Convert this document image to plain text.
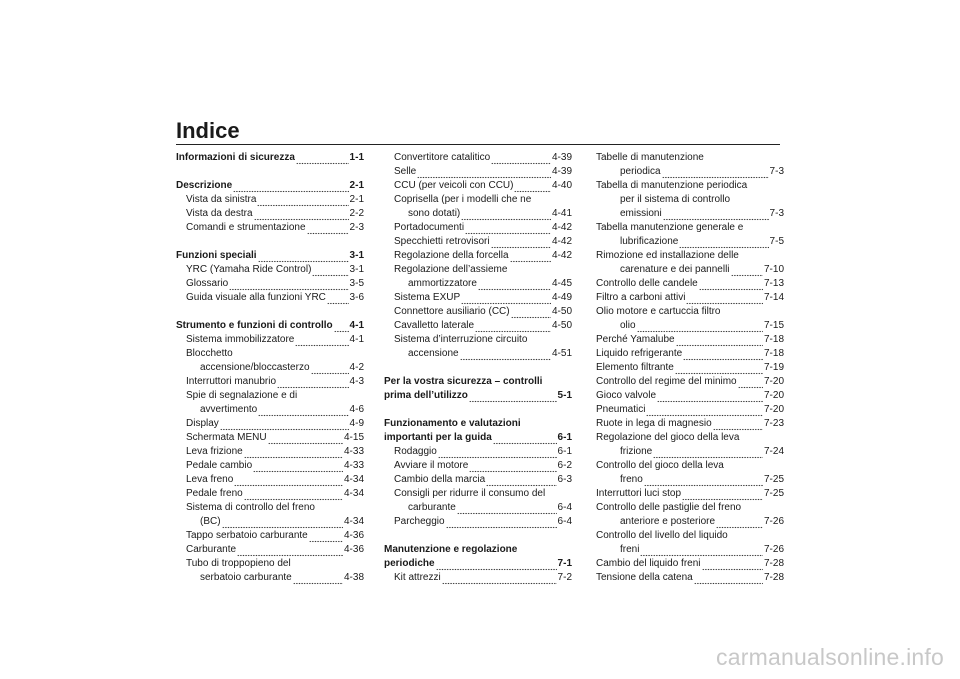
Indice
Informazioni di sicurezza	1-1
Descrizione	2-1
Vista da sinistra	2-1
Vista da destra	2-2
Comandi e strumentazione	2-3
Funzioni speciali	3-1
YRC (Yamaha Ride Control)	3-1
Glossario	3-5
Guida visuale alla funzioni YRC 3-6
Strumento e funzioni di controllo 4-1
Sistema immobilizzatore	4-1
Blocchetto
accensione/bloccasterzo	4-2
Interruttori manubrio	4-3
Spie di segnalazione e di
avvertimento	4-6
Display	4-9
Schermata MENU	4-15
Leva frizione	4-33
Pedale cambio	4-33
Leva freno	4-34
Pedale freno	4-34
Sistema di controllo del freno
(BC)	4-34
Tappo serbatoio carburante	4-36
Carburante	4-36
Tubo di troppopieno del
serbatoio carburante	4-38
Convertitore catalitico	4-39
Selle	4-39
CCU (per veicoli con CCU)	4-40
Coprisella (per i modelli che ne
sono dotati)	4-41
Portadocumenti	4-42
Specchietti retrovisori	4-42
Regolazione della forcella	4-42
Regolazione dell’assieme
ammortizzatore	4-45
Sistema EXUP	4-49
Connettore ausiliario (CC)	4-50
Cavalletto laterale	4-50
Sistema d’interruzione circuito
accensione	4-51
Per la vostra sicurezza – controlli
prima dell’utilizzo	5-1
Funzionamento e valutazioni
importanti per la guida	6-1
Rodaggio	6-1
Avviare il motore	6-2
Cambio della marcia	6-3
Consigli per ridurre il consumo del
carburante	6-4
Parcheggio	6-4
Manutenzione e regolazione
periodiche	7-1
Kit attrezzi	7-2
Tabelle di manutenzione
periodica	7-3
Tabella di manutenzione periodica
per il sistema di controllo
emissioni	7-3
Tabella manutenzione generale e
lubrificazione	7-5
Rimozione ed installazione delle
carenature e dei pannelli	7-10
Controllo delle candele	7-13
Filtro a carboni attivi	7-14
Olio motore e cartuccia filtro
olio	7-15
Perché Yamalube	7-18
Liquido refrigerante	7-18
Elemento filtrante	7-19
Controllo del regime del minimo	7-20
Gioco valvole	7-20
Pneumatici	7-20
Ruote in lega di magnesio	7-23
Regolazione del gioco della leva
frizione	7-24
Controllo del gioco della leva
freno	7-25
Interruttori luci stop	7-25
Controllo delle pastiglie del freno
anteriore e posteriore	7-26
Controllo del livello del liquido
freni	7-26
Cambio del liquido freni	7-28
Tensione della catena	7-28
carmanualsonline.info
